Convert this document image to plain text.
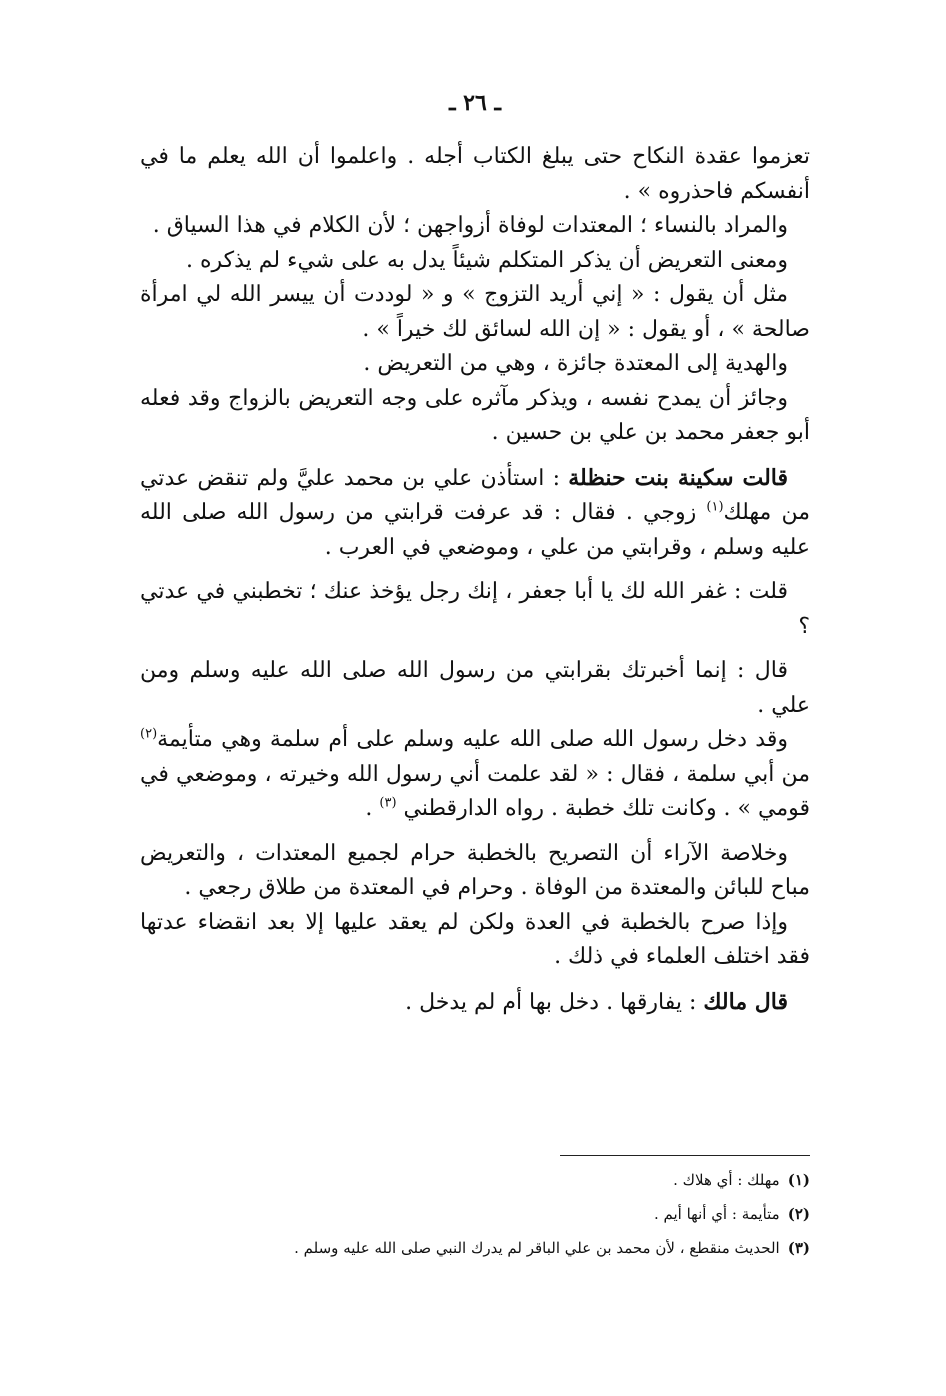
ـ ٢٦ ـ

تعزموا عقدة النكاح حتى يبلغ الكتاب أجله . واعلموا أن الله يعلم ما في أنفسكم فاحذروه » .

والمراد بالنساء ؛ المعتدات لوفاة أزواجهن ؛ لأن الكلام في هذا السياق .

ومعنى التعريض أن يذكر المتكلم شيئاً يدل به على شيء لم يذكره .

مثل أن يقول : « إني أريد التزوج » و « لوددت أن ييسر الله لي امرأة صالحة » ، أو يقول : « إن الله لسائق لك خيراً » .

والهدية إلى المعتدة جائزة ، وهي من التعريض .

وجائز أن يمدح نفسه ، ويذكر مآثره على وجه التعريض بالزواج وقد فعله أبو جعفر محمد بن علي بن حسين .

قالت سكينة بنت حنظلة : استأذن علي بن محمد عليَّ ولم تنقض عدتي من مهلك$^{(١)}$ زوجي . فقال : قد عرفت قرابتي من رسول الله صلى الله عليه وسلم ، وقرابتي من علي ، وموضعي في العرب .

قلت : غفر الله لك يا أبا جعفر ، إنك رجل يؤخذ عنك ؛ تخطبني في عدتي ؟

قال : إنما أخبرتك بقرابتي من رسول الله صلى الله عليه وسلم ومن علي .

وقد دخل رسول الله صلى الله عليه وسلم على أم سلمة وهي متأيمة$^{(٢)}$ من أبي سلمة ، فقال : « لقد علمت أني رسول الله وخيرته ، وموضعي في قومي » . وكانت تلك خطبة . رواه الدارقطني $^{(٣)}$ .

وخلاصة الآراء أن التصريح بالخطبة حرام لجميع المعتدات ، والتعريض مباح للبائن والمعتدة من الوفاة . وحرام في المعتدة من طلاق رجعي .

وإذا صرح بالخطبة في العدة ولكن لم يعقد عليها إلا بعد انقضاء عدتها فقد اختلف العلماء في ذلك .

قال مالك : يفارقها . دخل بها أم لم يدخل .

(١)مهلك : أي هلاك .

(٢)متأيمة : أي أنها أيم .

(٣)الحديث منقطع ، لأن محمد بن علي الباقر لم يدرك النبي صلى الله عليه وسلم .
